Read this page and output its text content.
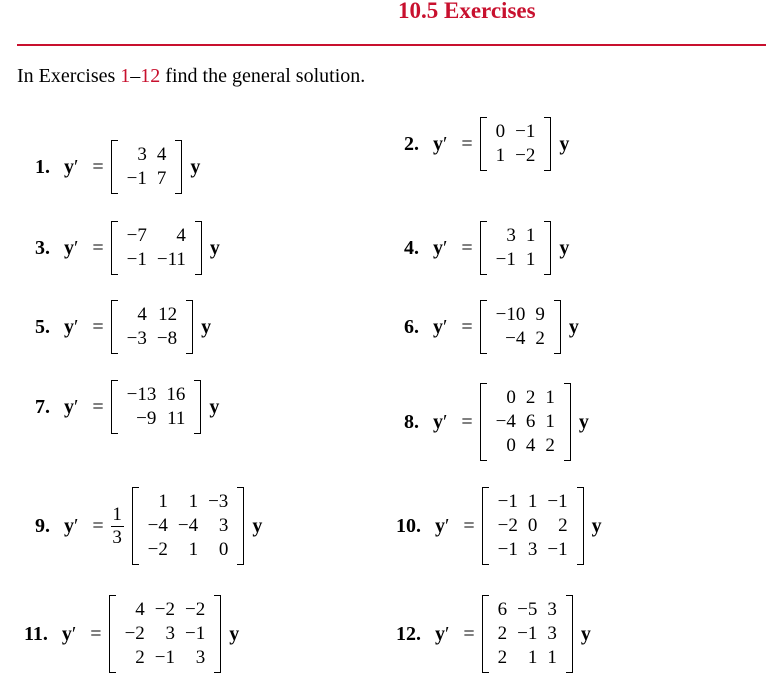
10.5 Exercises
In Exercises 1–12 find the general solution.
1. y′ =
3	4
−1	7
y
2. y′ =
0	−1
1	−2
y
3. y′ =
−7	4
−1	−11
y	4. y′ =
3	1
−1	1
y
5. y′ =
4	12
−3	−8
y	6. y′ =
−10	9
−4	2
y
7. y′ =
−13	16
−9	11
y
8. y′ =
0	2	1
−4	6	1
0	4	2
y
9. $y' = \frac{1}{3}$
1	1	−3
−4	−4	3
−2	1	0
y	10. y′ =
−1	1	−1
−2	0	2
−1	3	−1
y
11. y′ =
4	−2	−2
−2	3	−1
2	−1	3
y	12. y′ =
6	−5	3
2	−1	3
2	1	1
y
